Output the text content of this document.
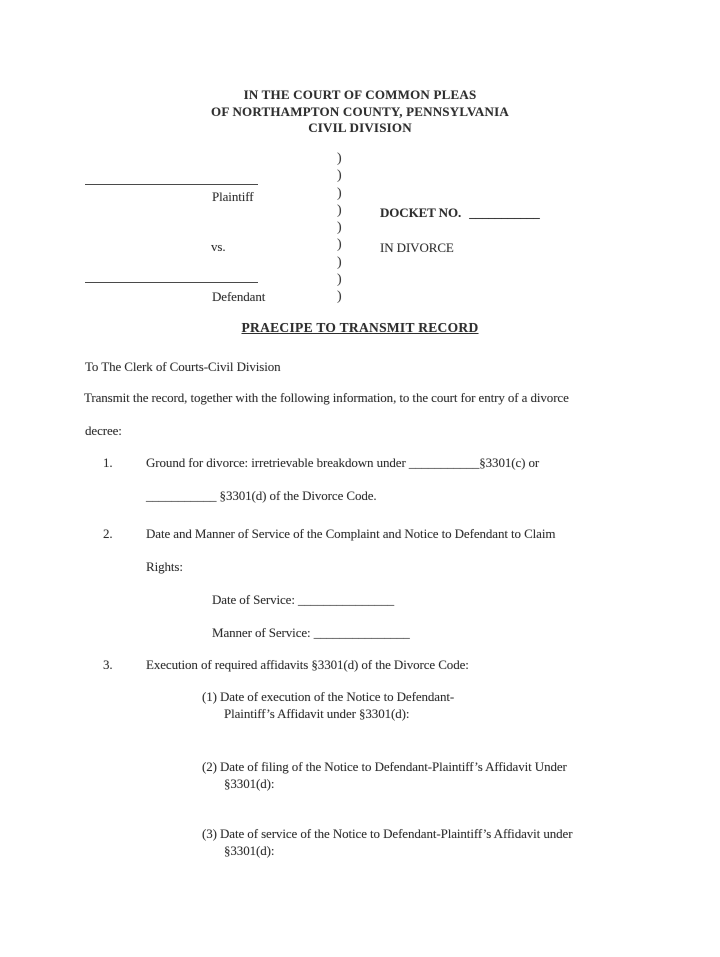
IN THE COURT OF COMMON PLEAS
OF NORTHAMPTON COUNTY, PENNSYLVANIA
CIVIL DIVISION
Plaintiff
vs.
Defendant
)
)
)
)
)
)
)
)
)
DOCKET NO. ___________
IN DIVORCE
PRAECIPE TO TRANSMIT RECORD
To The Clerk of Courts-Civil Division
Transmit the record, together with the following information, to the court for entry of a divorce
decree:
1.	Ground for divorce: irretrievable breakdown under ___________§3301(c) or
___________ §3301(d) of the Divorce Code.
2.	Date and Manner of Service of the Complaint and Notice to Defendant to Claim
Rights:
Date of Service: _______________
Manner of Service: _______________
3.	Execution of required affidavits §3301(d) of the Divorce Code:
(1) Date of execution of the Notice to Defendant-
Plaintiff’s Affidavit under §3301(d):
(2) Date of filing of the Notice to Defendant-Plaintiff’s Affidavit Under
§3301(d):
(3) Date of service of the Notice to Defendant-Plaintiff’s Affidavit under
§3301(d):
